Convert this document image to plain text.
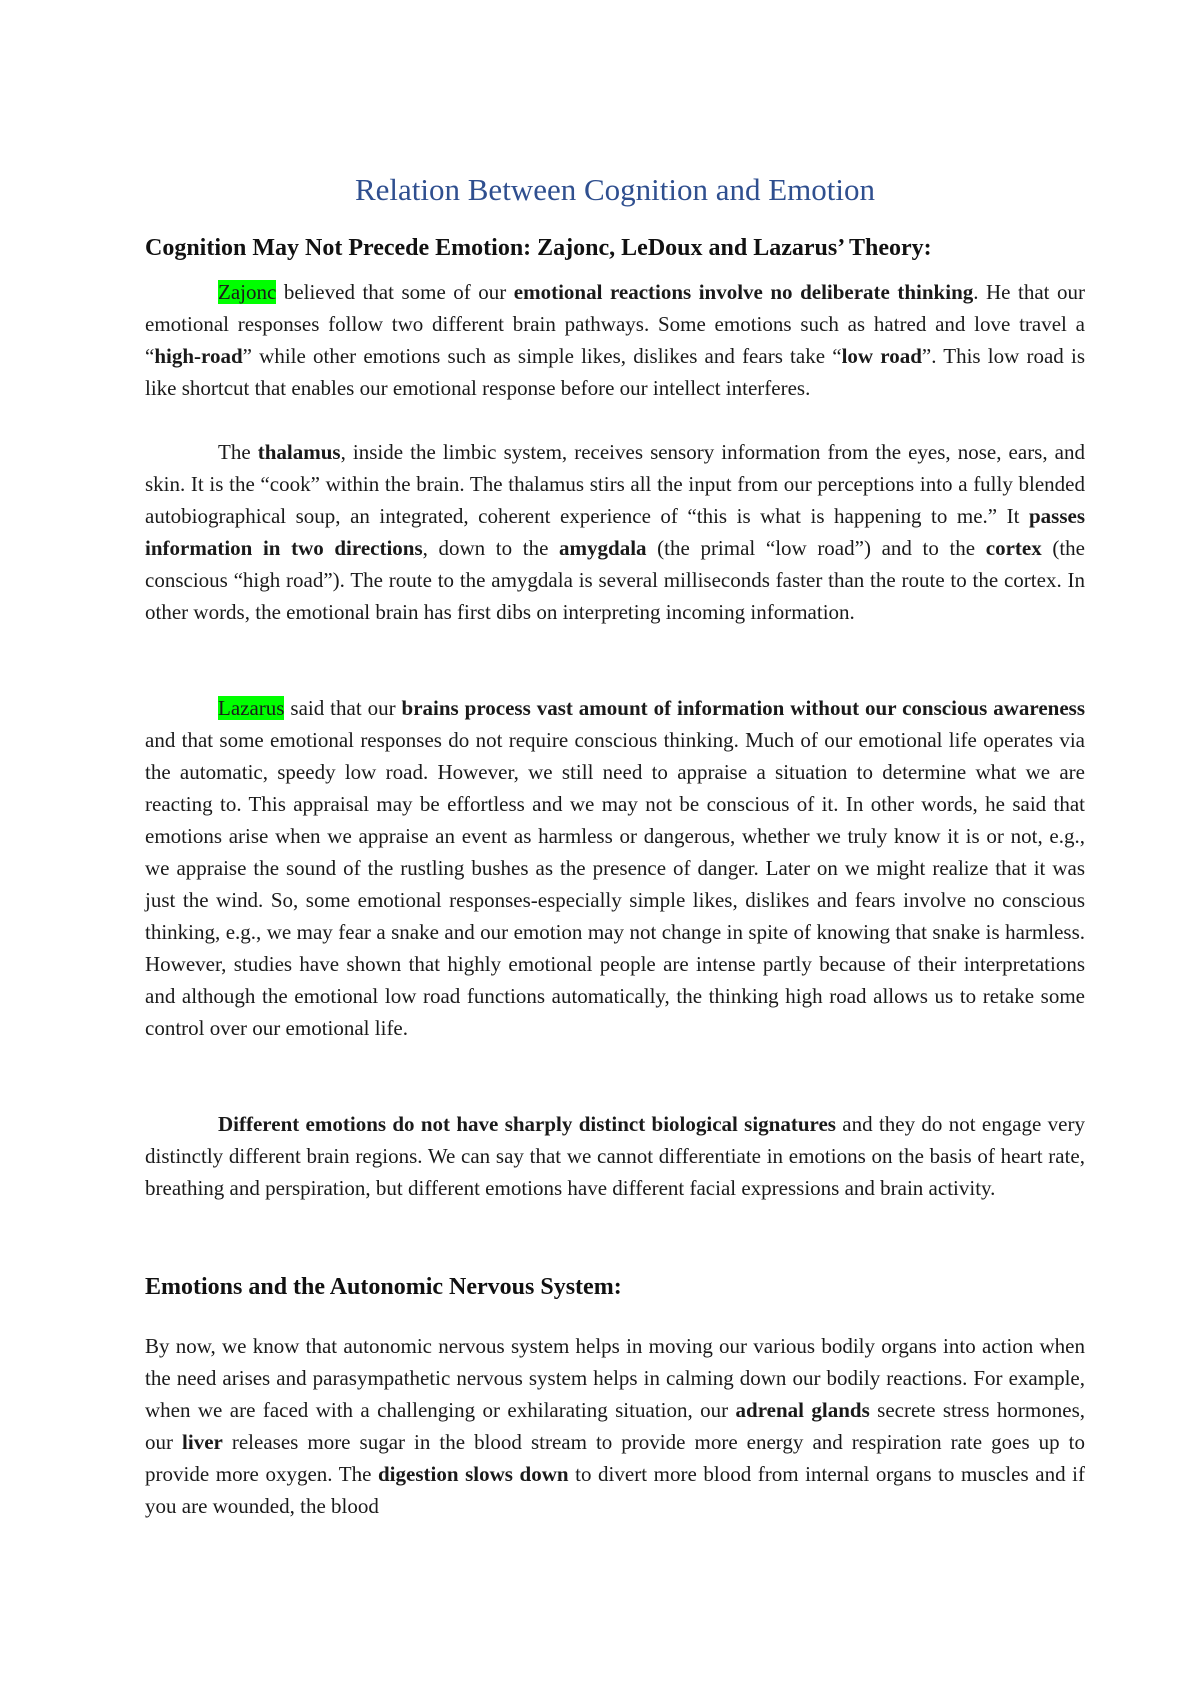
Relation Between Cognition and Emotion
Cognition May Not Precede Emotion: Zajonc, LeDoux and Lazarus’ Theory:

Zajonc believed that some of our emotional reactions involve no deliberate thinking. He that our emotional responses follow two different brain pathways. Some emotions such as hatred and love travel a “high-road” while other emotions such as simple likes, dislikes and fears take “low road”. This low road is like shortcut that enables our emotional response before our intellect interferes.

The thalamus, inside the limbic system, receives sensory information from the eyes, nose, ears, and skin. It is the “cook” within the brain. The thalamus stirs all the input from our perceptions into a fully blended autobiographical soup, an integrated, coherent experience of “this is what is happening to me.” It passes information in two directions, down to the amygdala (the primal “low road”) and to the cortex (the conscious “high road”). The route to the amygdala is several milliseconds faster than the route to the cortex. In other words, the emotional brain has first dibs on interpreting incoming information.

Lazarus said that our brains process vast amount of information without our conscious awareness and that some emotional responses do not require conscious thinking. Much of our emotional life operates via the automatic, speedy low road. However, we still need to appraise a situation to determine what we are reacting to. This appraisal may be effortless and we may not be conscious of it. In other words, he said that emotions arise when we appraise an event as harmless or dangerous, whether we truly know it is or not, e.g., we appraise the sound of the rustling bushes as the presence of danger. Later on we might realize that it was just the wind. So, some emotional responses-especially simple likes, dislikes and fears involve no conscious thinking, e.g., we may fear a snake and our emotion may not change in spite of knowing that snake is harmless. However, studies have shown that highly emotional people are intense partly because of their interpretations and although the emotional low road functions automatically, the thinking high road allows us to retake some control over our emotional life.

Different emotions do not have sharply distinct biological signatures and they do not engage very distinctly different brain regions. We can say that we cannot differentiate in emotions on the basis of heart rate, breathing and perspiration, but different emotions have different facial expressions and brain activity.

Emotions and the Autonomic Nervous System:

By now, we know that autonomic nervous system helps in moving our various bodily organs into action when the need arises and parasympathetic nervous system helps in calming down our bodily reactions. For example, when we are faced with a challenging or exhilarating situation, our adrenal glands secrete stress hormones, our liver releases more sugar in the blood stream to provide more energy and respiration rate goes up to provide more oxygen. The digestion slows down to divert more blood from internal organs to muscles and if you are wounded, the blood
